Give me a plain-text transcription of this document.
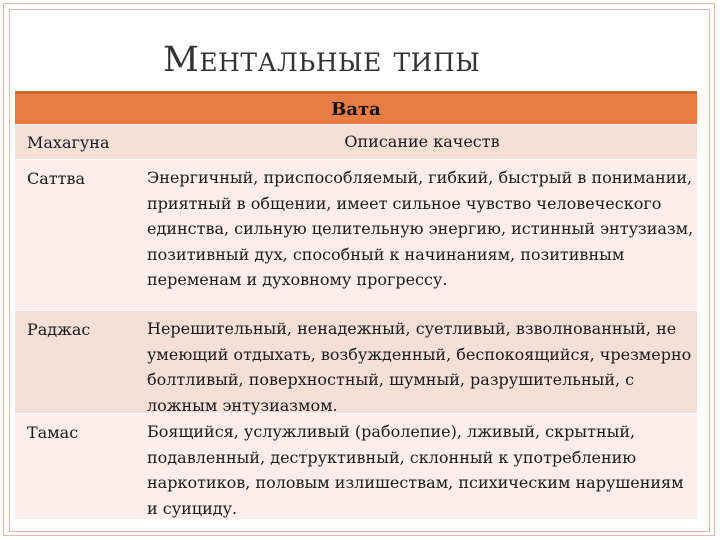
Ментальные типы
Вата
Махагуна	Описание качеств
Саттва	Энергичный, приспособляемый, гибкий, быстрый в понимании, приятный в общении, имеет сильное чувство человеческого единства, сильную целительную энергию, истинный энтузиазм, позитивный дух, способный к начинаниям, позитивным переменам и духовному прогрессу.
Раджас	Нерешительный, ненадежный, суетливый, взволнованный, не умеющий отдыхать, возбужденный, беспокоящийся, чрезмерно болтливый, поверхностный, шумный, разрушительный, с ложным энтузиазмом.
Тамас	Боящийся, услужливый (раболепие), лживый, скрытный, подавленный, деструктивный, склонный к употреблению наркотиков, половым излишествам, психическим нарушениям и суициду.
